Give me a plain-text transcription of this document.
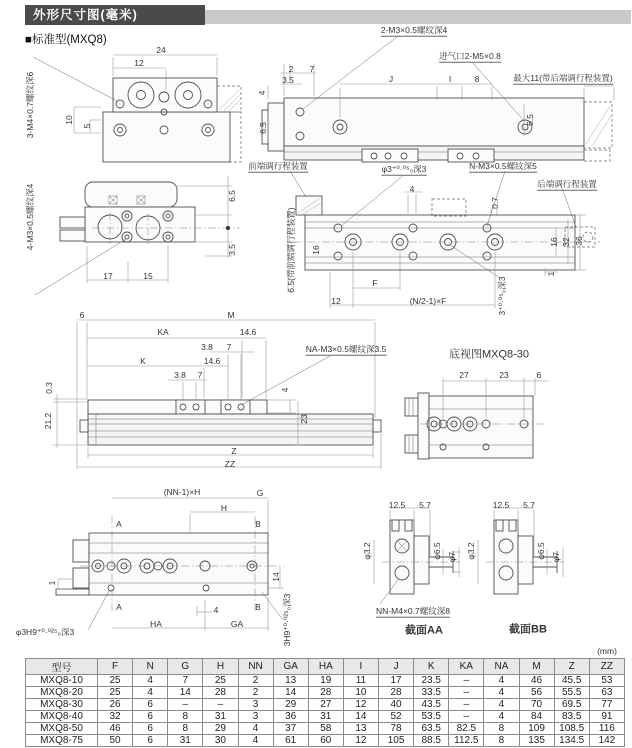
外形尺寸图(毫米)
■标准型(MXQ8)
24
12
3-M4×0.7螺纹深6	10
5
2-M3×0.5螺纹深4
进气口2-M5×0.8
最大11(带后端调行程装置)
2 7
3.5	J	I	8
4
6.5
6.5
前端调行程装置	φ3⁺⁰·⁰⁵₀深3	N-M3×0.5螺纹深5
后端调行程装置
4
0.7
16 32 36
16
6.5(带前端调行程装置)	1
F
12	(N/2-1)×F	3⁺⁰·⁰⁵₀深3
4-M3×0.5螺纹深4	6.5
3.5
17	15
6	M
KA	14.6
3.8 7
K	14.6
3.8 7
NA-M3×0.5螺纹深3.5
4
23
0.3
21.2
Z
ZZ
底视图MXQ8-30
27	23	6
(NN-1)×H	G
H
A	B
A	B
1
14
4
HA	GA
φ3H9⁺⁰·⁰²⁵₀深3	3H9⁺⁰·⁰²⁵₀深3
12.5 5.7
φ3.2	φ6.5 φ7
12.5 5.7
φ3.2	φ6.5 φ7
NN-M4×0.7螺纹深8
截面AA	截面BB
(mm)
型号	F	N	G	H	NN	GA	HA	I	J	K	KA	NA	M	Z	ZZ
MXQ8-10	25	4	7	25	2	13	19	11	17	23.5	–	4	46	45.5	53
MXQ8-20	25	4	14	28	2	14	28	10	28	33.5	–	4	56	55.5	63
MXQ8-30	26	6	–	–	3	29	27	12	40	43.5	–	4	70	69.5	77
MXQ8-40	32	6	8	31	3	36	31	14	52	53.5	–	4	84	83.5	91
MXQ8-50	46	6	8	29	4	37	58	13	78	63.5	82.5	8	109	108.5	116
MXQ8-75	50	6	31	30	4	61	60	12	105	88.5	112.5	8	135	134.5	142
